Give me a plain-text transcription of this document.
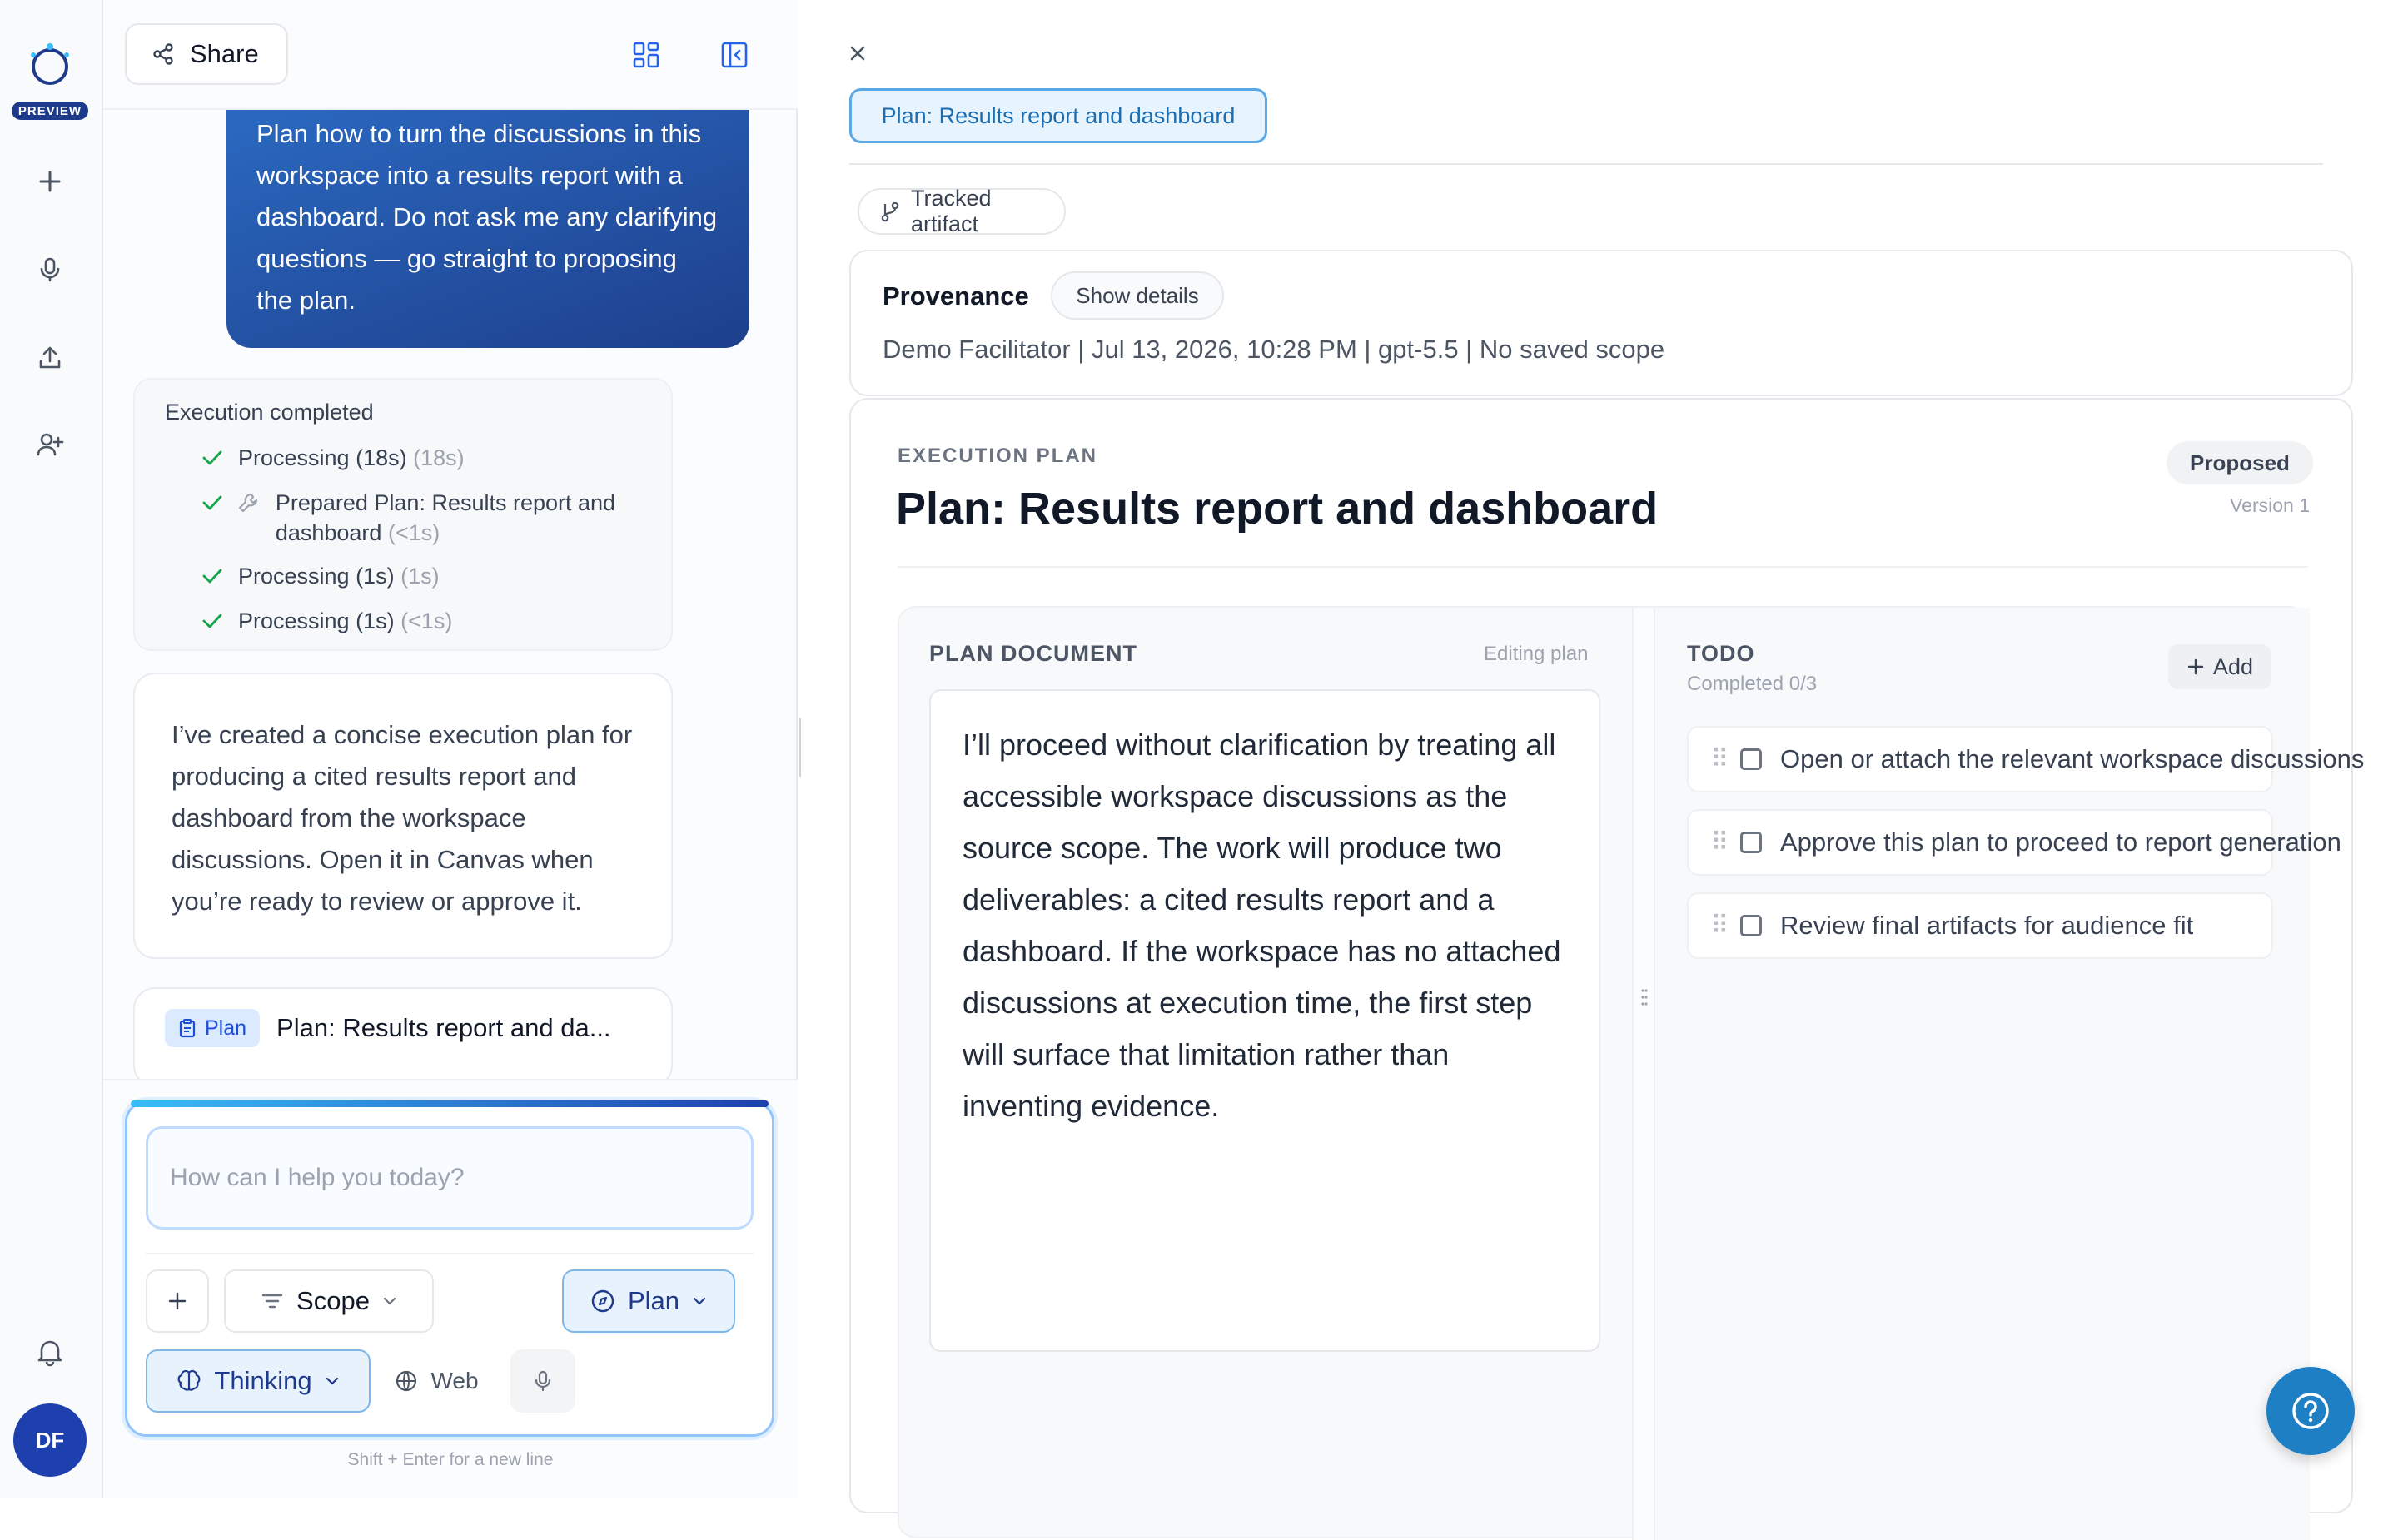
PREVIEW
DF
Share
Plan how to turn the discussions in this workspace into a results report with a dashboard. Do not ask me any clarifying questions — go straight to proposing the plan.
Execution completed
Processing (18s) (18s)
Prepared Plan: Results report and dashboard (<1s)
Processing (1s) (1s)
Processing (1s) (<1s)
I’ve created a concise execution plan for producing a cited results report and dashboard from the workspace discussions. Open it in Canvas when you’re ready to review or approve it.
Plan Plan: Results report and da...
How can I help you today?
Scope	Plan
Thinking	Web
Shift + Enter for a new line
Plan: Results report and dashboard
Tracked artifact
Provenance	Show details
Demo Facilitator | Jul 13, 2026, 10:28 PM | gpt-5.5 | No saved scope
EXECUTION PLAN
Plan: Results report and dashboard
Proposed
Version 1
PLAN DOCUMENT	Editing plan
I’ll proceed without clarification by treating all accessible workspace discussions as the source scope. The work will produce two deliverables: a cited results report and a dashboard. If the workspace has no attached discussions at execution time, the first step will surface that limitation rather than inventing evidence.
TODO
Completed 0/3
Add
⠿ Open or attach the relevant workspace discussions
⠿ Approve this plan to proceed to report generation
⠿ Review final artifacts for audience fit
